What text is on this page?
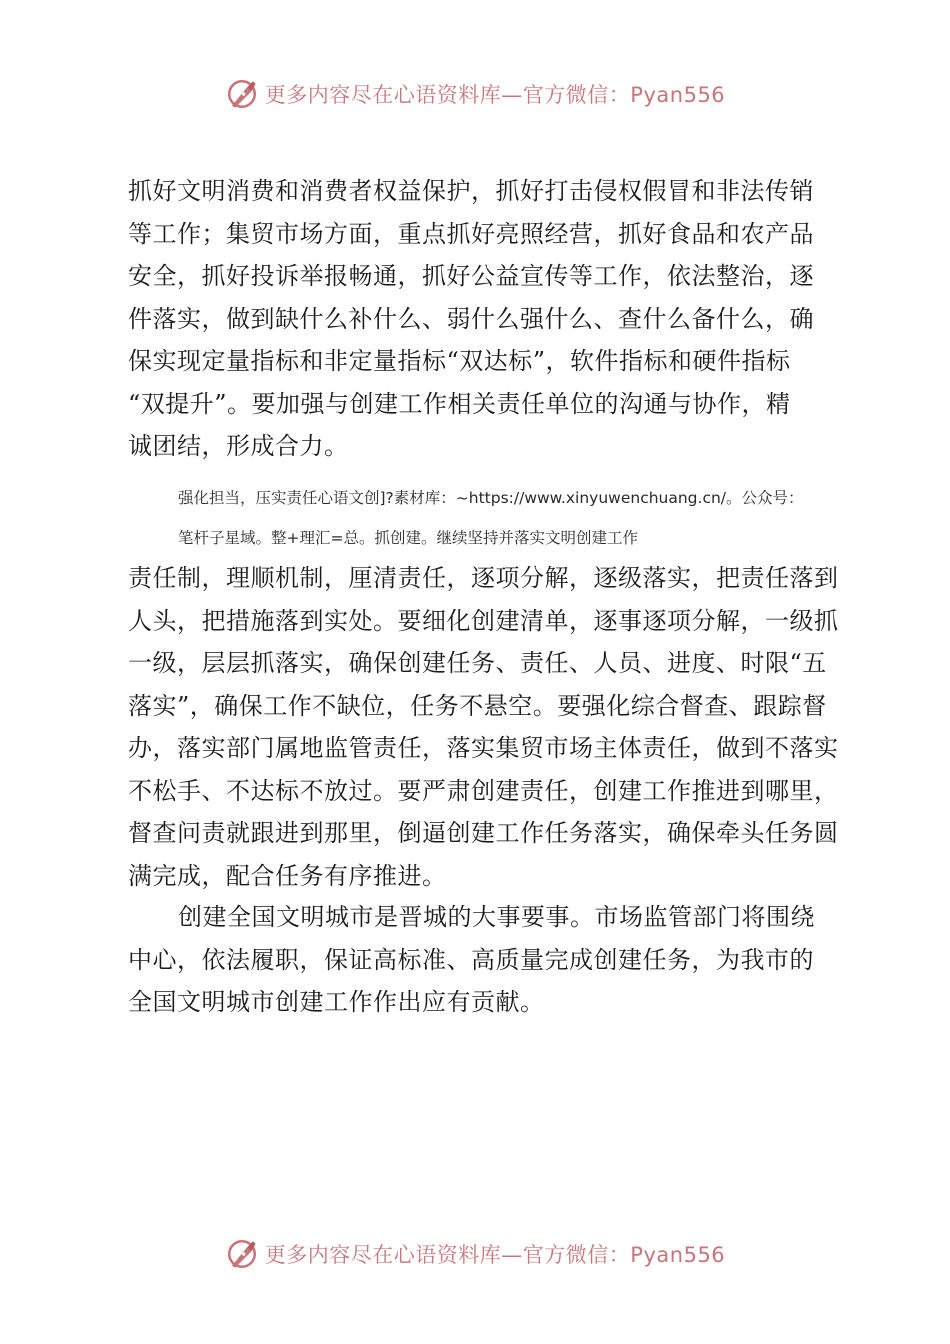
更多内容尽在心语资料库—官方微信：Pyan556

抓好文明消费和消费者权益保护，抓好打击侵权假冒和非法传销
等工作；集贸市场方面，重点抓好亮照经营，抓好食品和农产品
安全，抓好投诉举报畅通，抓好公益宣传等工作，依法整治，逐
件落实，做到缺什么补什么、弱什么强什么、查什么备什么，确
保实现定量指标和非定量指标“双达标”，软件指标和硬件指标
“双提升”。要加强与创建工作相关责任单位的沟通与协作，精
诚团结，形成合力。

强化担当，压实责任心语文创]?素材库：~https://www.xinyuwenchuang.cn/。公众号：
笔杆子星域。整+理汇=总。抓创建。继续坚持并落实文明创建工作

责任制，理顺机制，厘清责任，逐项分解，逐级落实，把责任落到
人头，把措施落到实处。要细化创建清单，逐事逐项分解，一级抓
一级，层层抓落实，确保创建任务、责任、人员、进度、时限“五
落实”，确保工作不缺位，任务不悬空。要强化综合督查、跟踪督
办，落实部门属地监管责任，落实集贸市场主体责任，做到不落实
不松手、不达标不放过。要严肃创建责任，创建工作推进到哪里，
督查问责就跟进到那里，倒逼创建工作任务落实，确保牵头任务圆
满完成，配合任务有序推进。

创建全国文明城市是晋城的大事要事。市场监管部门将围绕
中心，依法履职，保证高标准、高质量完成创建任务，为我市的
全国文明城市创建工作作出应有贡献。

更多内容尽在心语资料库—官方微信：Pyan556
